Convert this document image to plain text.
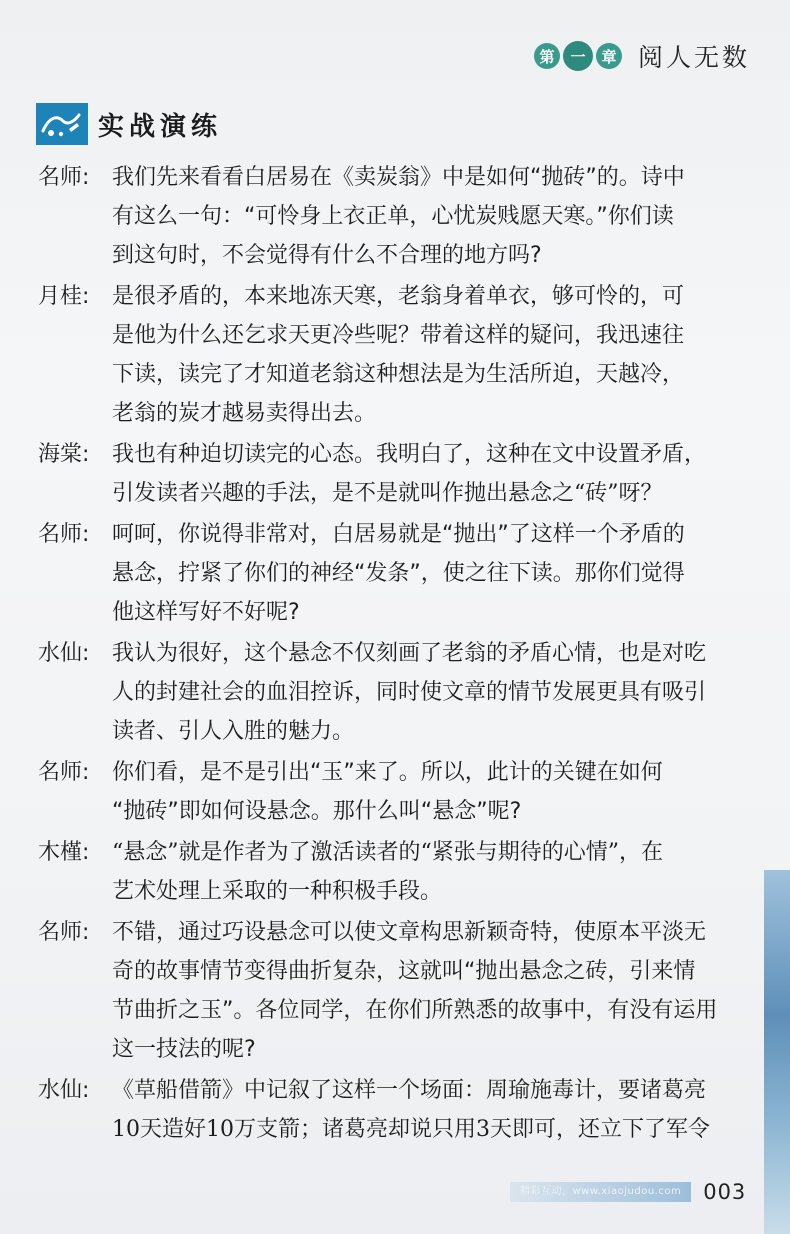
第	一	章 阅人无数
实战演练
名师:	我们先来看看白居易在《卖炭翁》中是如何“抛砖”的。诗中
有这么一句：“可怜身上衣正单，心忧炭贱愿天寒。”你们读
到这句时，不会觉得有什么不合理的地方吗?
月桂:	是很矛盾的，本来地冻天寒，老翁身着单衣，够可怜的，可
是他为什么还乞求天更冷些呢？带着这样的疑问，我迅速往
下读，读完了才知道老翁这种想法是为生活所迫，天越冷，
老翁的炭才越易卖得出去。
海棠:	我也有种迫切读完的心态。我明白了，这种在文中设置矛盾，
引发读者兴趣的手法，是不是就叫作抛出悬念之“砖”呀？
名师:	呵呵，你说得非常对，白居易就是“抛出”了这样一个矛盾的
悬念，拧紧了你们的神经“发条”，使之往下读。那你们觉得
他这样写好不好呢?
水仙:	我认为很好，这个悬念不仅刻画了老翁的矛盾心情，也是对吃
人的封建社会的血泪控诉，同时使文章的情节发展更具有吸引
读者、引人入胜的魅力。
名师:	你们看，是不是引出“玉”来了。所以，此计的关键在如何
“抛砖”即如何设悬念。那什么叫“悬念”呢?
木槿:	“悬念”就是作者为了激活读者的“紧张与期待的心情”，在
艺术处理上采取的一种积极手段。
名师:	不错，通过巧设悬念可以使文章构思新颖奇特，使原本平淡无
奇的故事情节变得曲折复杂，这就叫“抛出悬念之砖，引来情
节曲折之玉”。各位同学，在你们所熟悉的故事中，有没有运用
这一技法的呢?
水仙:	《草船借箭》中记叙了这样一个场面：周瑜施毒计，要诸葛亮
10天造好10万支箭；诸葛亮却说只用3天即可，还立下了军令
精彩互动，www.xiaojudou.com	003
